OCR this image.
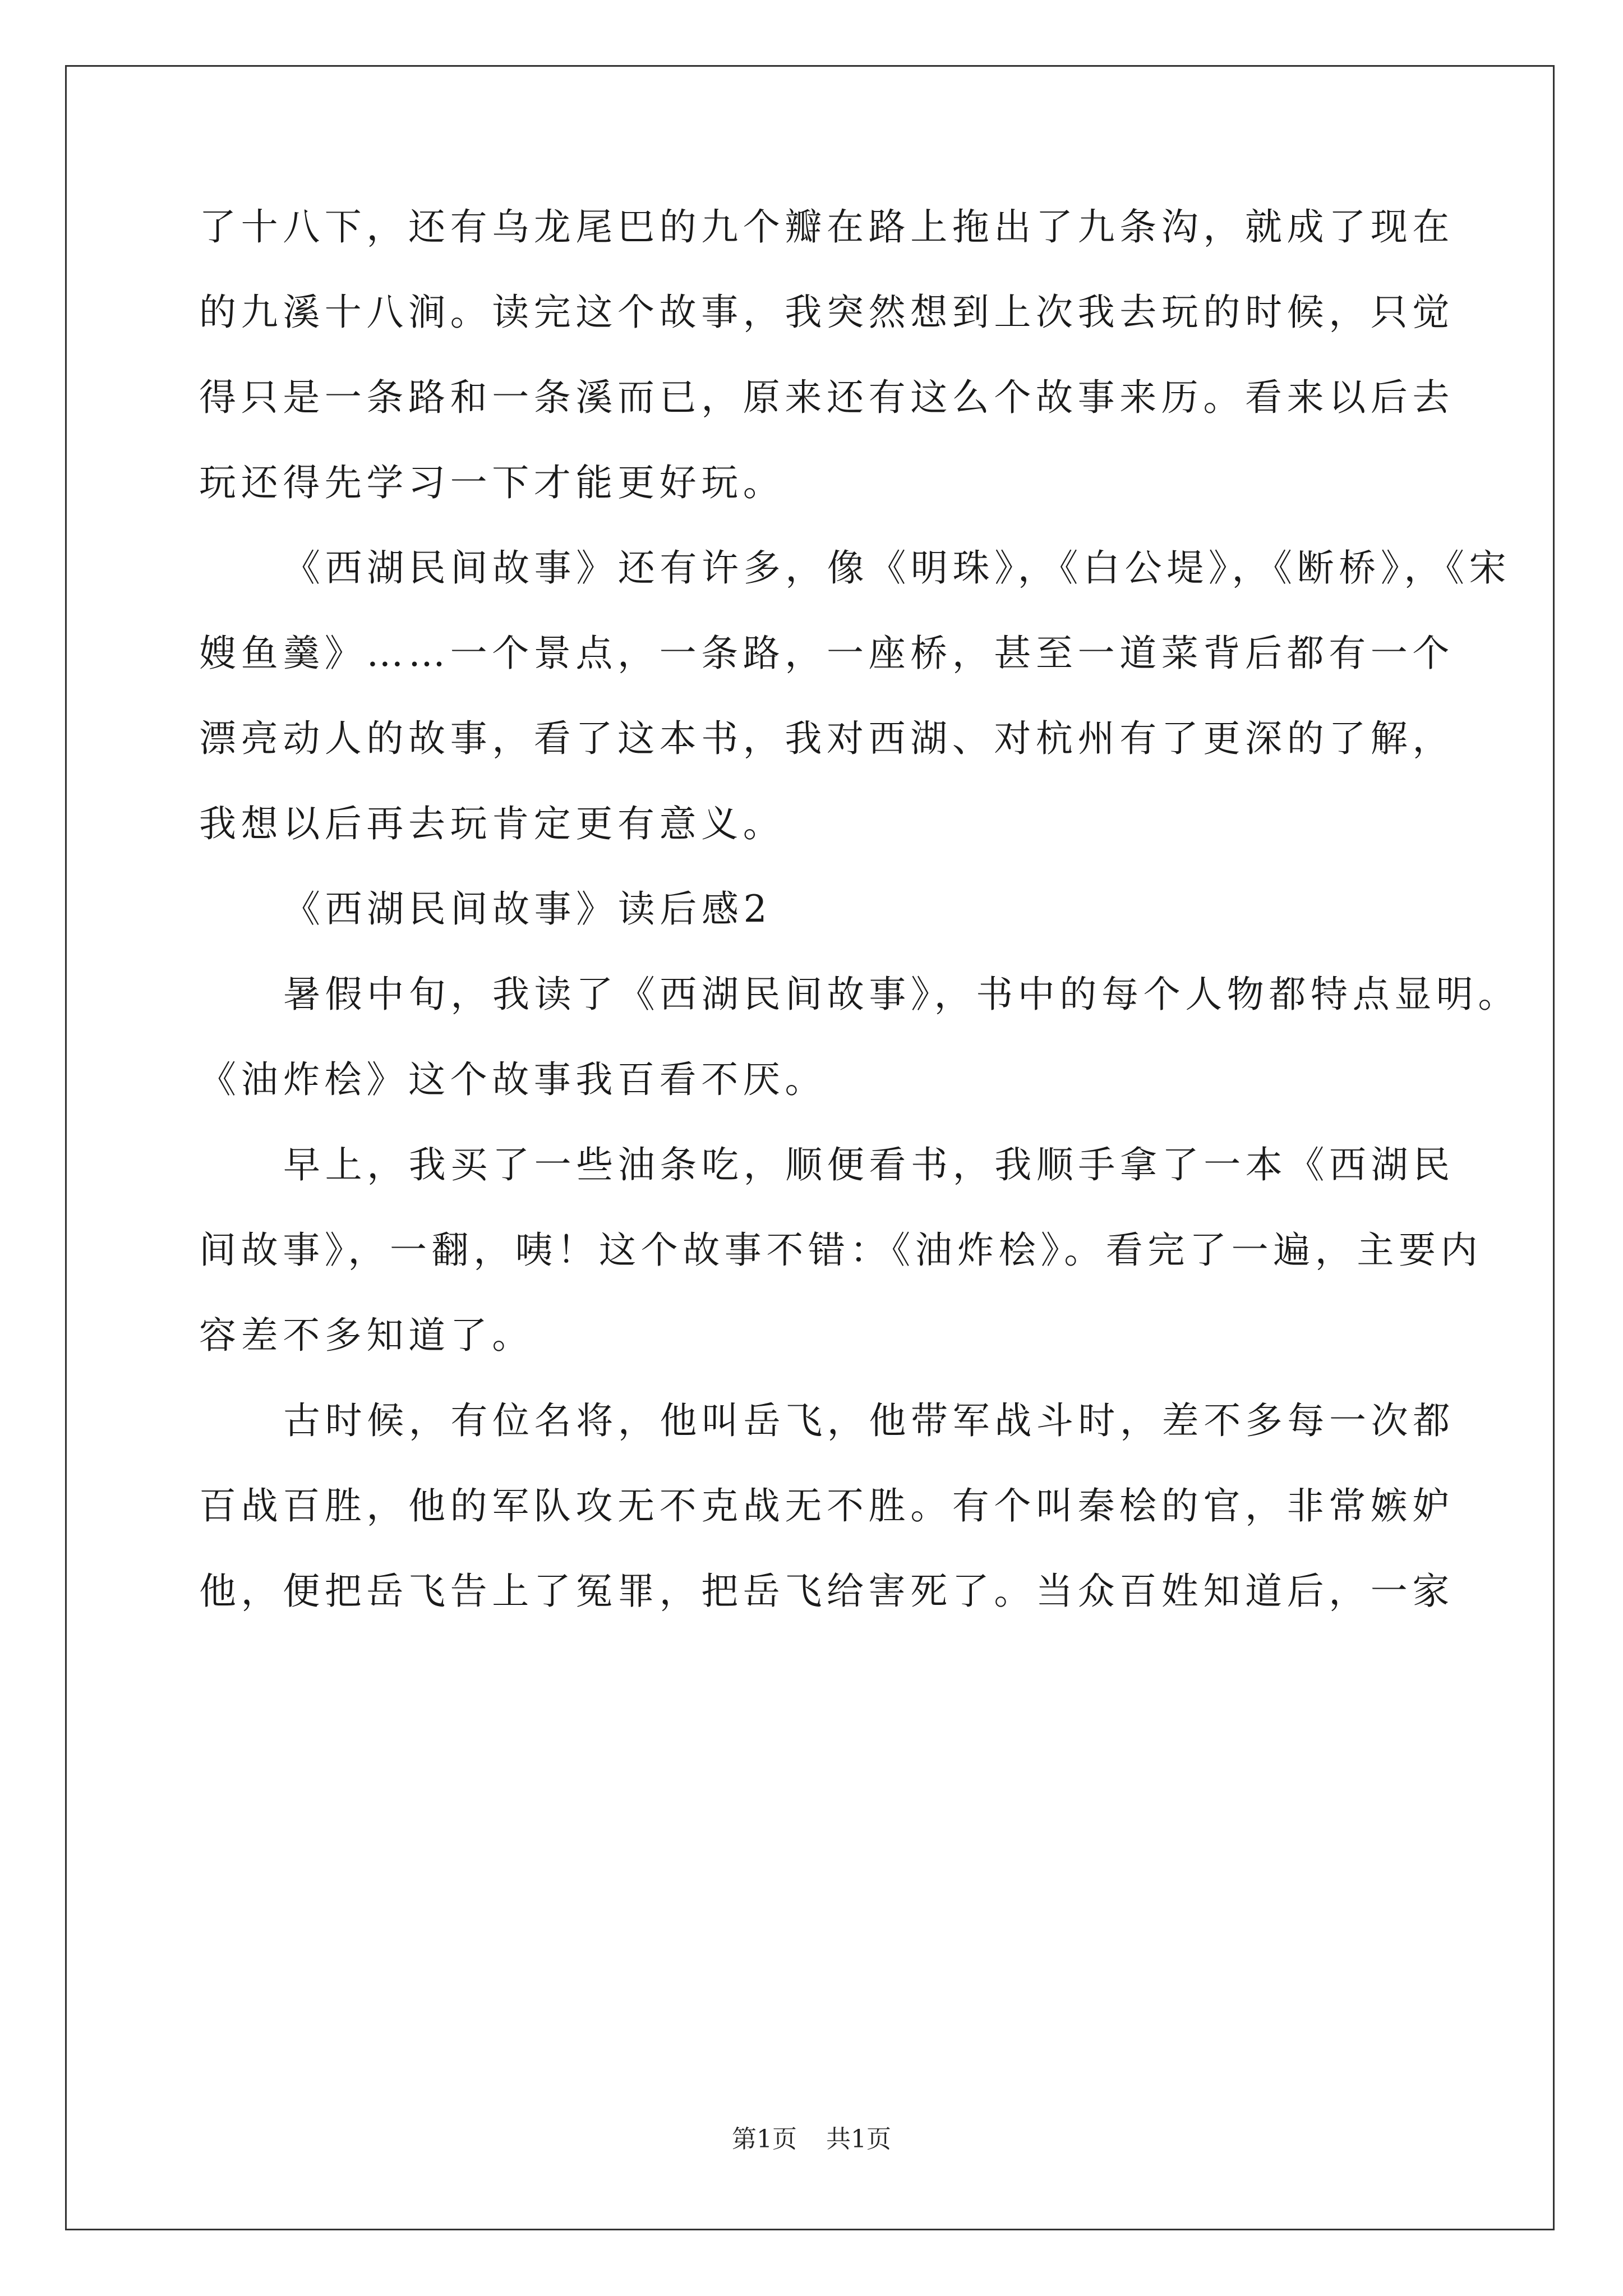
了十八下，还有乌龙尾巴的九个瓣在路上拖出了九条沟，就成了现在
的九溪十八涧。读完这个故事，我突然想到上次我去玩的时候，只觉
得只是一条路和一条溪而已，原来还有这么个故事来历。看来以后去
玩还得先学习一下才能更好玩。
《西湖民间故事》还有许多，像《明珠》，《白公堤》，《断桥》，《宋
嫂鱼羹》……一个景点，一条路，一座桥，甚至一道菜背后都有一个
漂亮动人的故事，看了这本书，我对西湖、对杭州有了更深的了解，
我想以后再去玩肯定更有意义。
《西湖民间故事》读后感2
暑假中旬，我读了《西湖民间故事》，书中的每个人物都特点显明。
《油炸桧》这个故事我百看不厌。
早上，我买了一些油条吃，顺便看书，我顺手拿了一本《西湖民
间故事》，一翻，咦！这个故事不错：《油炸桧》。看完了一遍，主要内
容差不多知道了。
古时候，有位名将，他叫岳飞，他带军战斗时，差不多每一次都
百战百胜，他的军队攻无不克战无不胜。有个叫秦桧的官，非常嫉妒
他，便把岳飞告上了冤罪，把岳飞给害死了。当众百姓知道后，一家
第1页 共1页
